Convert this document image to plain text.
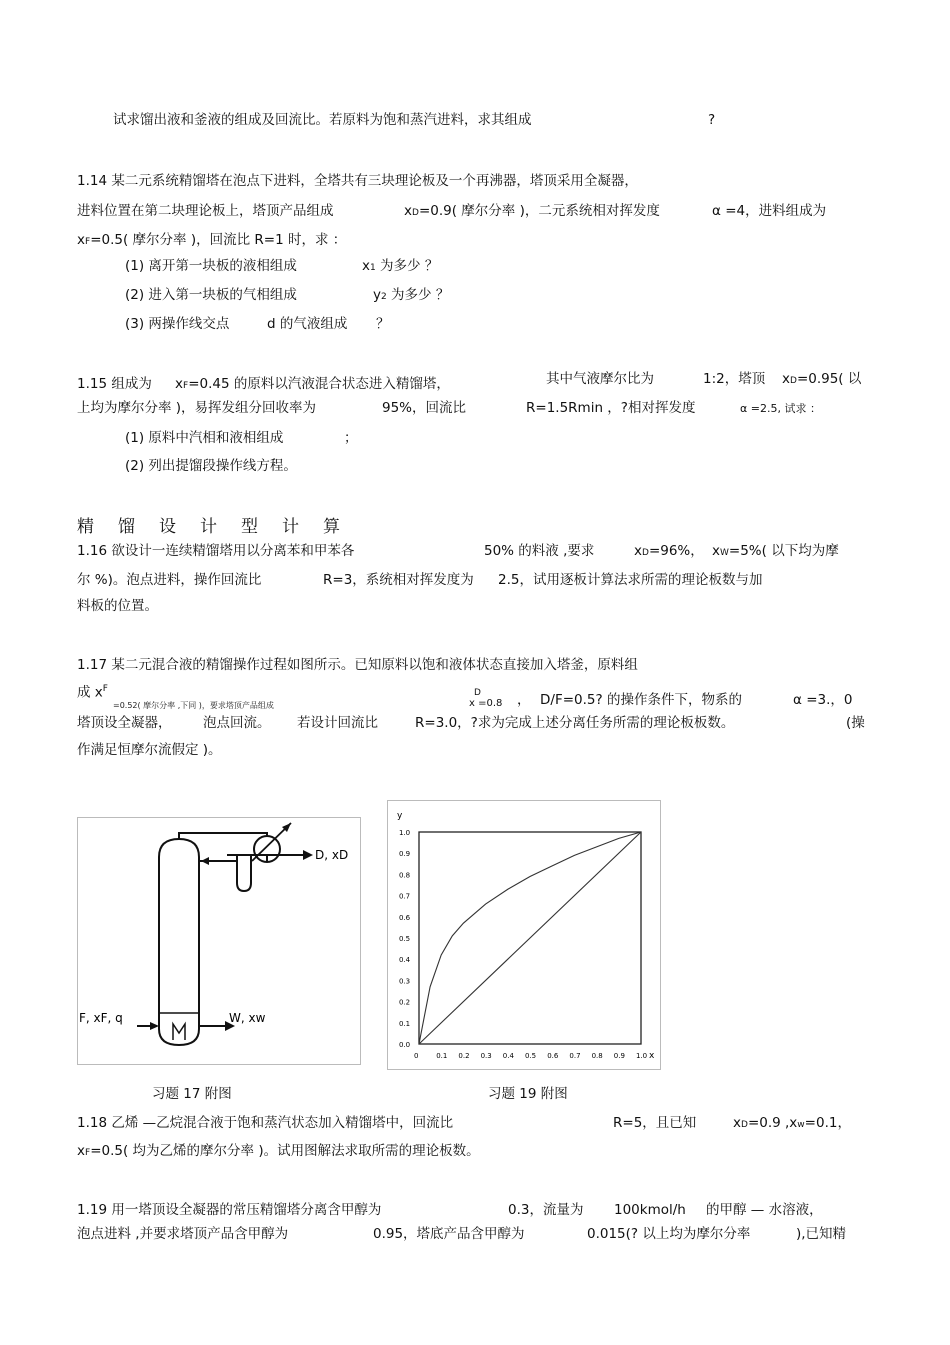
试求馏出液和釜液的组成及回流比。若原料为饱和蒸汽进料，求其组成	?
1.14 某二元系统精馏塔在泡点下进料，全塔共有三块理论板及一个再沸器，塔顶采用全凝器，
进料位置在第二块理论板上，塔顶产品组成	xD=0.9( 摩尔分率 )，二元系统相对挥发度	α =4，进料组成为
xF=0.5( 摩尔分率 )，回流比 R=1 时，求 ：
(1) 离开第一块板的液相组成	x1 为多少 ？
(2) 进入第一块板的气相组成	y2 为多少 ？
(3) 两操作线交点	d 的气液组成 ？
1.15 组成为 xF=0.45 的原料以汽液混合状态进入精馏塔，	其中气液摩尔比为	1:2，塔顶 xD=0.95( 以
上均为摩尔分率 )，易挥发组分回收率为	95%，回流比	R=1.5Rmin ，?相对挥发度	α =2.5, 试求 ：
(1) 原料中汽相和液相组成	；
(2) 列出提馏段操作线方程。
精 馏 设 计 型 计 算
1.16 欲设计一连续精馏塔用以分离苯和甲苯各	50% 的料液 ,要求	xD=96%， xW=5%( 以下均为摩
尔 %)。泡点进料，操作回流比	R=3，系统相对挥发度为 2.5，试用逐板计算法求所需的理论板数与加
料板的位置。
1.17 某二元混合液的精馏操作过程如图所示。已知原料以饱和液体状态直接加入塔釜，原料组
成 $x^F$
=0.52( 摩尔分率 ,下同 )，要求塔顶产品组成
D
x =0.8 ， D/F=0.5? 的操作条件下，物系的	α =3.，0
塔顶设全凝器， 泡点回流。 若设计回流比	R=3.0，?求为完成上述分离任务所需的理论板板数。	(操
作满足恒摩尔流假定 )。
D, xD
F, xF, q	W, xw
习题 17 附图
y
x
1.0
0.9
0.8
0.7
0.6
0.5
0.4
0.3
0.2
0.1
0.0
0	0.1 0.2 0.3 0.4 0.5 0.6 0.7 0.8 0.9 1.0
习题 19 附图
1.18 乙烯 —乙烷混合液于饱和蒸汽状态加入精馏塔中，回流比	R=5，且已知	xD=0.9 ,xw=0.1，
xF=0.5( 均为乙烯的摩尔分率 )。试用图解法求取所需的理论板数。
1.19 用一塔顶设全凝器的常压精馏塔分离含甲醇为	0.3，流量为 100kmol/h 的甲醇 — 水溶液，
泡点进料 ,并要求塔顶产品含甲醇为	0.95，塔底产品含甲醇为	0.015(? 以上均为摩尔分率	),已知精
